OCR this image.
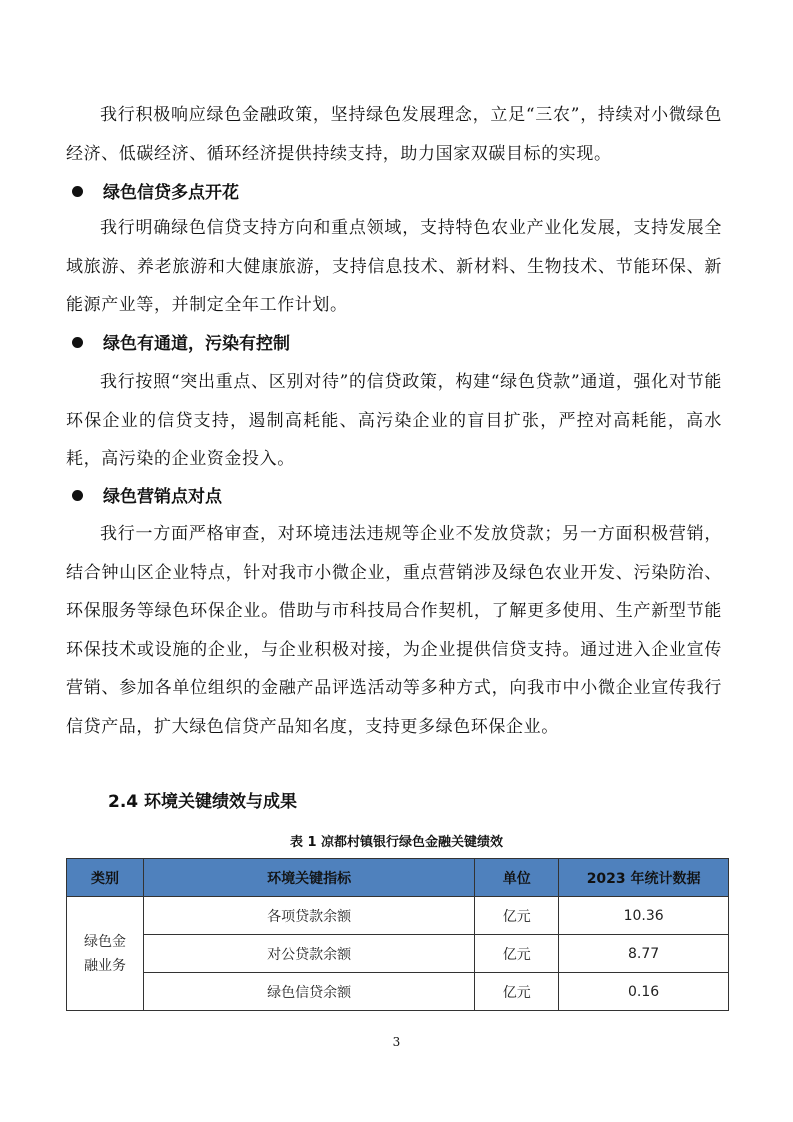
我行积极响应绿色金融政策，坚持绿色发展理念，立足“三农”，持续对小微绿色经济、低碳经济、循环经济提供持续支持，助力国家双碳目标的实现。
绿色信贷多点开花
我行明确绿色信贷支持方向和重点领域，支持特色农业产业化发展，支持发展全域旅游、养老旅游和大健康旅游，支持信息技术、新材料、生物技术、节能环保、新能源产业等，并制定全年工作计划。
绿色有通道，污染有控制
我行按照“突出重点、区别对待”的信贷政策，构建“绿色贷款”通道，强化对节能环保企业的信贷支持，遏制高耗能、高污染企业的盲目扩张，严控对高耗能，高水耗，高污染的企业资金投入。
绿色营销点对点
我行一方面严格审查，对环境违法违规等企业不发放贷款；另一方面积极营销，结合钟山区企业特点，针对我市小微企业，重点营销涉及绿色农业开发、污染防治、环保服务等绿色环保企业。借助与市科技局合作契机，了解更多使用、生产新型节能环保技术或设施的企业，与企业积极对接，为企业提供信贷支持。通过进入企业宣传营销、参加各单位组织的金融产品评选活动等多种方式，向我市中小微企业宣传我行信贷产品，扩大绿色信贷产品知名度，支持更多绿色环保企业。
2.4 环境关键绩效与成果
表 1 凉都村镇银行绿色金融关键绩效
类别	环境关键指标	单位	2023 年统计数据

绿色金融业务	各项贷款余额	亿元	10.36
	对公贷款余额	亿元	8.77
	绿色信贷余额	亿元	0.16
3
